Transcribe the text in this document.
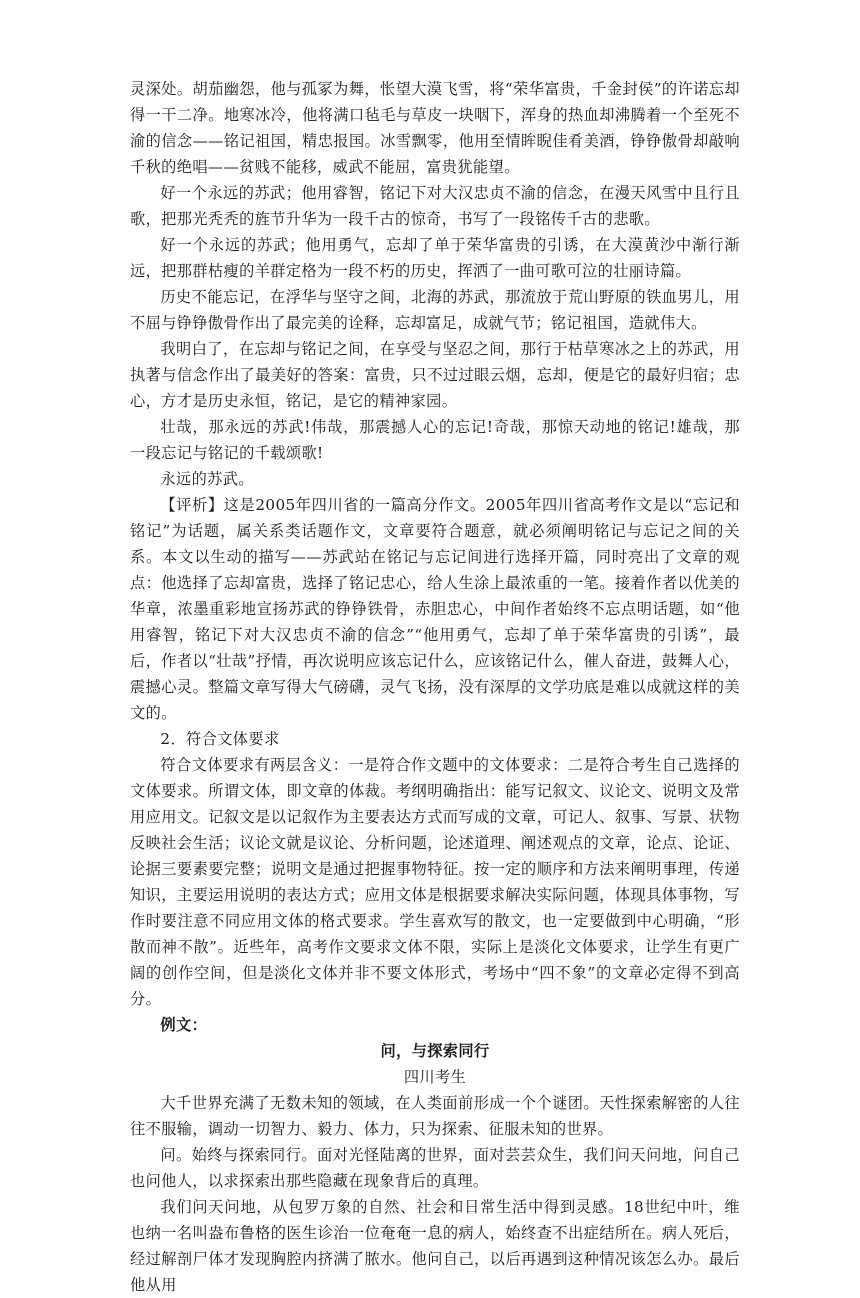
灵深处。胡茄幽怨，他与孤冢为舞，怅望大漠飞雪，将“荣华富贵，千金封侯”的许诺忘却得一干二净。地寒冰冷，他将满口毡毛与草皮一块咽下，浑身的热血却沸腾着一个至死不渝的信念——铭记祖国，精忠报国。冰雪飘零，他用至情眸睨佳肴美酒，铮铮傲骨却敲响千秋的绝唱——贫贱不能移，威武不能屈，富贵犹能望。

好一个永远的苏武；他用睿智，铭记下对大汉忠贞不渝的信念，在漫天风雪中且行且歌，把那光秃秃的旌节升华为一段千古的惊奇，书写了一段铭传千古的悲歌。

好一个永远的苏武；他用勇气，忘却了单于荣华富贵的引诱，在大漠黄沙中渐行渐远，把那群枯瘦的羊群定格为一段不朽的历史，挥洒了一曲可歌可泣的壮丽诗篇。

历史不能忘记，在浮华与坚守之间，北海的苏武，那流放于荒山野原的铁血男儿，用不屈与铮铮傲骨作出了最完美的诠释，忘却富足，成就气节；铭记祖国，造就伟大。

我明白了，在忘却与铭记之间，在享受与坚忍之间，那行于枯草寒冰之上的苏武，用执著与信念作出了最美好的答案：富贵，只不过过眼云烟，忘却，便是它的最好归宿；忠心，方才是历史永恒，铭记，是它的精神家园。

壮哉，那永远的苏武!伟哉，那震撼人心的忘记!奇哉，那惊天动地的铭记!雄哉，那一段忘记与铭记的千载颂歌!

永远的苏武。

【评析】这是2005年四川省的一篇高分作文。2005年四川省高考作文是以“忘记和铭记”为话题，属关系类话题作文，文章要符合题意，就必须阐明铭记与忘记之间的关系。本文以生动的描写——苏武站在铭记与忘记间进行选择开篇，同时亮出了文章的观点：他选择了忘却富贵，选择了铭记忠心，给人生涂上最浓重的一笔。接着作者以优美的华章，浓墨重彩地宣扬苏武的铮铮铁骨，赤胆忠心，中间作者始终不忘点明话题，如“他用睿智，铭记下对大汉忠贞不渝的信念”“他用勇气，忘却了单于荣华富贵的引诱”，最后，作者以“壮哉”抒情，再次说明应该忘记什么，应该铭记什么，催人奋进，鼓舞人心，震撼心灵。整篇文章写得大气磅礴，灵气飞扬，没有深厚的文学功底是难以成就这样的美文的。

2．符合文体要求

符合文体要求有两层含义：一是符合作文题中的文体要求：二是符合考生自己选择的文体要求。所谓文体，即文章的体裁。考纲明确指出：能写记叙文、议论文、说明文及常用应用文。记叙文是以记叙作为主要表达方式而写成的文章，可记人、叙事、写景、状物反映社会生活；议论文就是议论、分析问题，论述道理、阐述观点的文章，论点、论证、论据三要素要完整；说明文是通过把握事物特征。按一定的顺序和方法来阐明事理，传递知识，主要运用说明的表达方式；应用文体是根据要求解决实际问题，体现具体事物，写作时要注意不同应用文体的格式要求。学生喜欢写的散文，也一定要做到中心明确，“形散而神不散”。近些年，高考作文要求文体不限，实际上是淡化文体要求，让学生有更广阔的创作空间，但是淡化文体并非不要文体形式，考场中“四不象”的文章必定得不到高分。

例文：

问，与探索同行

四川考生

大千世界充满了无数未知的领域，在人类面前形成一个个谜团。天性探索解密的人往往不服输，调动一切智力、毅力、体力，只为探索、征服未知的世界。

问。始终与探索同行。面对光怪陆离的世界，面对芸芸众生，我们问天问地，问自己也问他人，以求探索出那些隐藏在现象背后的真理。

我们问天问地，从包罗万象的自然、社会和日常生活中得到灵感。18世纪中叶，维也纳一名叫盎布鲁格的医生诊治一位奄奄一息的病人，始终查不出症结所在。病人死后，经过解剖尸体才发现胸腔内挤满了脓水。他问自己，以后再遇到这种情况该怎么办。最后他从用
